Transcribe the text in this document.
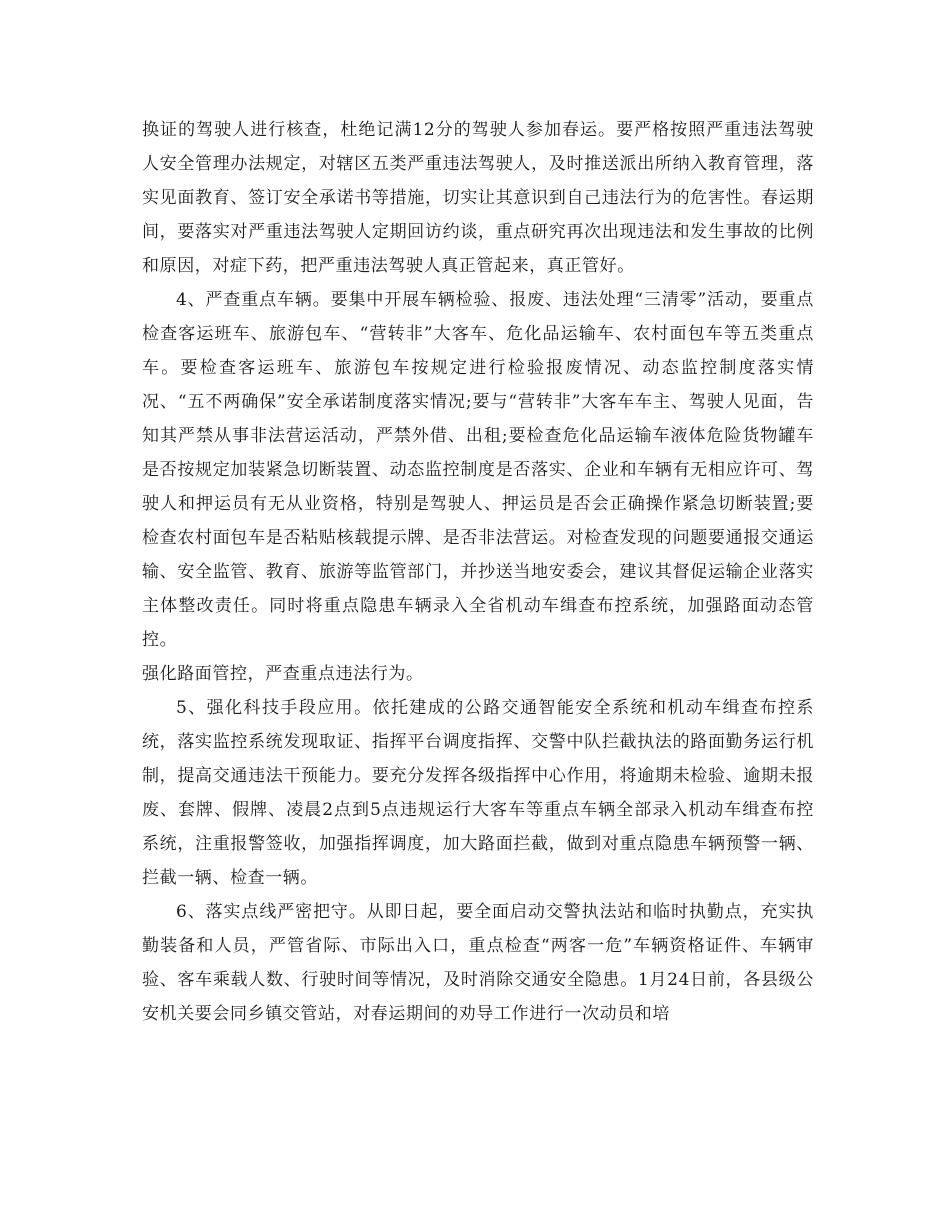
换证的驾驶人进行核查，杜绝记满12分的驾驶人参加春运。要严格按照严重违法驾驶人安全管理办法规定，对辖区五类严重违法驾驶人，及时推送派出所纳入教育管理，落实见面教育、签订安全承诺书等措施，切实让其意识到自己违法行为的危害性。春运期间，要落实对严重违法驾驶人定期回访约谈，重点研究再次出现违法和发生事故的比例和原因，对症下药，把严重违法驾驶人真正管起来，真正管好。

4、严查重点车辆。要集中开展车辆检验、报废、违法处理“三清零”活动，要重点检查客运班车、旅游包车、“营转非”大客车、危化品运输车、农村面包车等五类重点车。要检查客运班车、旅游包车按规定进行检验报废情况、动态监控制度落实情况、“五不两确保”安全承诺制度落实情况;要与“营转非”大客车车主、驾驶人见面，告知其严禁从事非法营运活动，严禁外借、出租;要检查危化品运输车液体危险货物罐车是否按规定加装紧急切断装置、动态监控制度是否落实、企业和车辆有无相应许可、驾驶人和押运员有无从业资格，特别是驾驶人、押运员是否会正确操作紧急切断装置;要检查农村面包车是否粘贴核载提示牌、是否非法营运。对检查发现的问题要通报交通运输、安全监管、教育、旅游等监管部门，并抄送当地安委会，建议其督促运输企业落实主体整改责任。同时将重点隐患车辆录入全省机动车缉查布控系统，加强路面动态管控。

强化路面管控，严查重点违法行为。

5、强化科技手段应用。依托建成的公路交通智能安全系统和机动车缉查布控系统，落实监控系统发现取证、指挥平台调度指挥、交警中队拦截执法的路面勤务运行机制，提高交通违法干预能力。要充分发挥各级指挥中心作用，将逾期未检验、逾期未报废、套牌、假牌、凌晨2点到5点违规运行大客车等重点车辆全部录入机动车缉查布控系统，注重报警签收，加强指挥调度，加大路面拦截，做到对重点隐患车辆预警一辆、拦截一辆、检查一辆。

6、落实点线严密把守。从即日起，要全面启动交警执法站和临时执勤点，充实执勤装备和人员，严管省际、市际出入口，重点检查“两客一危”车辆资格证件、车辆审验、客车乘载人数、行驶时间等情况，及时消除交通安全隐患。1月24日前，各县级公安机关要会同乡镇交管站，对春运期间的劝导工作进行一次动员和培
